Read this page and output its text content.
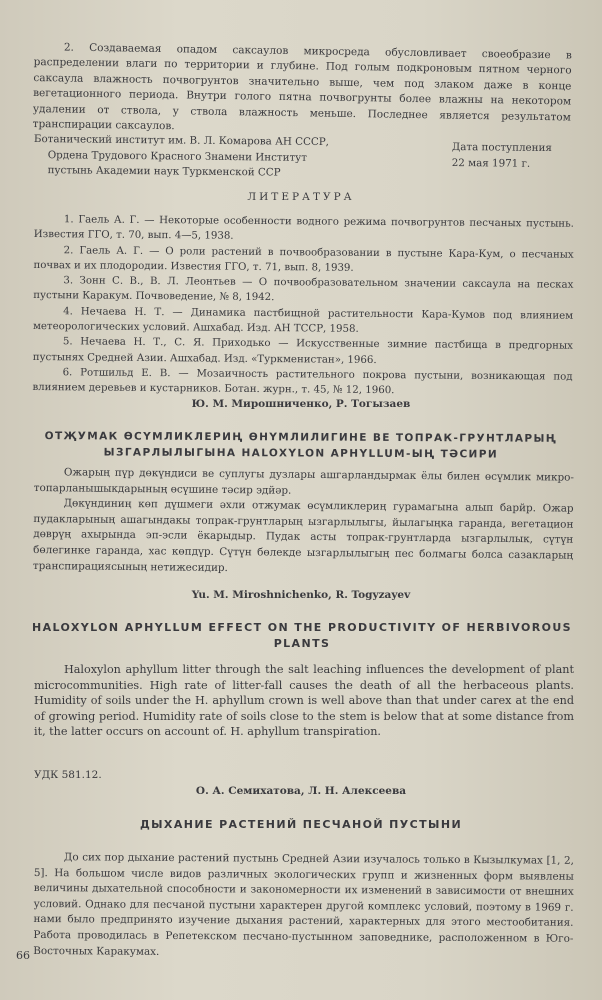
2. Создаваемая опадом саксаулов микросреда обусловливает своеобразие в распределении влаги по территории и глубине. Под голым подкроновым пятном черного саксаула влажность почвогрунтов значительно выше, чем под злаком даже в конце вегетационного периода. Внутри голого пятна почвогрунты более влажны на некотором удалении от ствола, у ствола влажность меньше. Последнее является результатом транспирации саксаулов.

Ботанический институт им. В. Л. Комарова АН СССР,
Ордена Трудового Красного Знамени Институт
пустынь Академии наук Туркменской ССР
Дата поступления
22 мая 1971 г.
ЛИТЕРАТУРА

1. Гаель А. Г. — Некоторые особенности водного режима почвогрунтов песчаных пустынь. Известия ГГО, т. 70, вып. 4—5, 1938.

2. Гаель А. Г. — О роли растений в почвообразовании в пустыне Кара-Кум, о песчаных почвах и их плодородии. Известия ГГО, т. 71, вып. 8, 1939.

3. Зонн С. В., В. Л. Леонтьев — О почвообразовательном значении саксаула на песках пустыни Каракум. Почвоведение, № 8, 1942.

4. Нечаева Н. Т. — Динамика пастбищной растительности Кара-Кумов под влиянием метеорологических условий. Ашхабад. Изд. АН ТССР, 1958.

5. Нечаева Н. Т., С. Я. Приходько — Искусственные зимние пастбища в предгорных пустынях Средней Азии. Ашхабад. Изд. «Туркменистан», 1966.

6. Ротшильд Е. В. — Мозаичность растительного покрова пустыни, возникающая под влиянием деревьев и кустарников. Ботан. журн., т. 45, № 12, 1960.

Ю. М. Мирошниченко, Р. Тогызаев
ОТҖУМАК ӨСҮМЛИКЛЕРИҢ ӨНҮМЛИЛИГИНЕ ВЕ ТОПРАК-ГРУНТЛАРЫҢ
ЫЗГАРЛЫЛЫГЫНА HALOXYLON APHYLLUM-ЫҢ ТӘСИРИ

Ожарың пүр дөкүндиси ве суплугы дузлары ашгарландырмак ёлы билен өсүмлик микро-топарланышыкдарының өсүшине тәсир эдйәр.

Дөкүндиниң көп дүшмеги әхли отжумак өсүмликлериң гурамагына алып барйр. Ожар пудакларының ашагындакы топрак-грунтларың ызгарлылыгы, йылагыңка гаранда, вегетацион дөврүң ахырында эп-эсли ёкарыдыр. Пудак асты топрак-грунтларда ызгарлылык, сүтүн бөлегинке гаранда, хас көпдүр. Сүтүн бөлекде ызгарлылыгың пес болмагы болса сазакларың транспирациясының нетижесидир.

Yu. M. Miroshnichenko, R. Togyzayev
HALOXYLON APHYLLUM EFFECT ON THE PRODUCTIVITY OF HERBIVOROUS
PLANTS

Haloxylon aphyllum litter through the salt leaching influences the development of plant microcommunities. High rate of litter-fall causes the death of all the herbaceous plants. Humidity of soils under the H. aphyllum crown is well above than that under carex at the end of growing period. Humidity rate of soils close to the stem is below that at some distance from it, the latter occurs on account of. H. aphyllum transpiration.

УДК 581.12.
О. А. Семихатова, Л. Н. Алексеева
ДЫХАНИЕ РАСТЕНИЙ ПЕСЧАНОЙ ПУСТЫНИ

До сих пор дыхание растений пустынь Средней Азии изучалось только в Кызылкумах [1, 2, 5]. На большом числе видов различных экологических групп и жизненных форм выявлены величины дыхательной способности и закономерности их изменений в зависимости от внешних условий. Однако для песчаной пустыни характерен другой комплекс условий, поэтому в 1969 г. нами было предпринято изучение дыхания растений, характерных для этого местообитания. Работа проводилась в Репетекском песчано-пустынном заповеднике, расположенном в Юго-Восточных Каракумах.

66
